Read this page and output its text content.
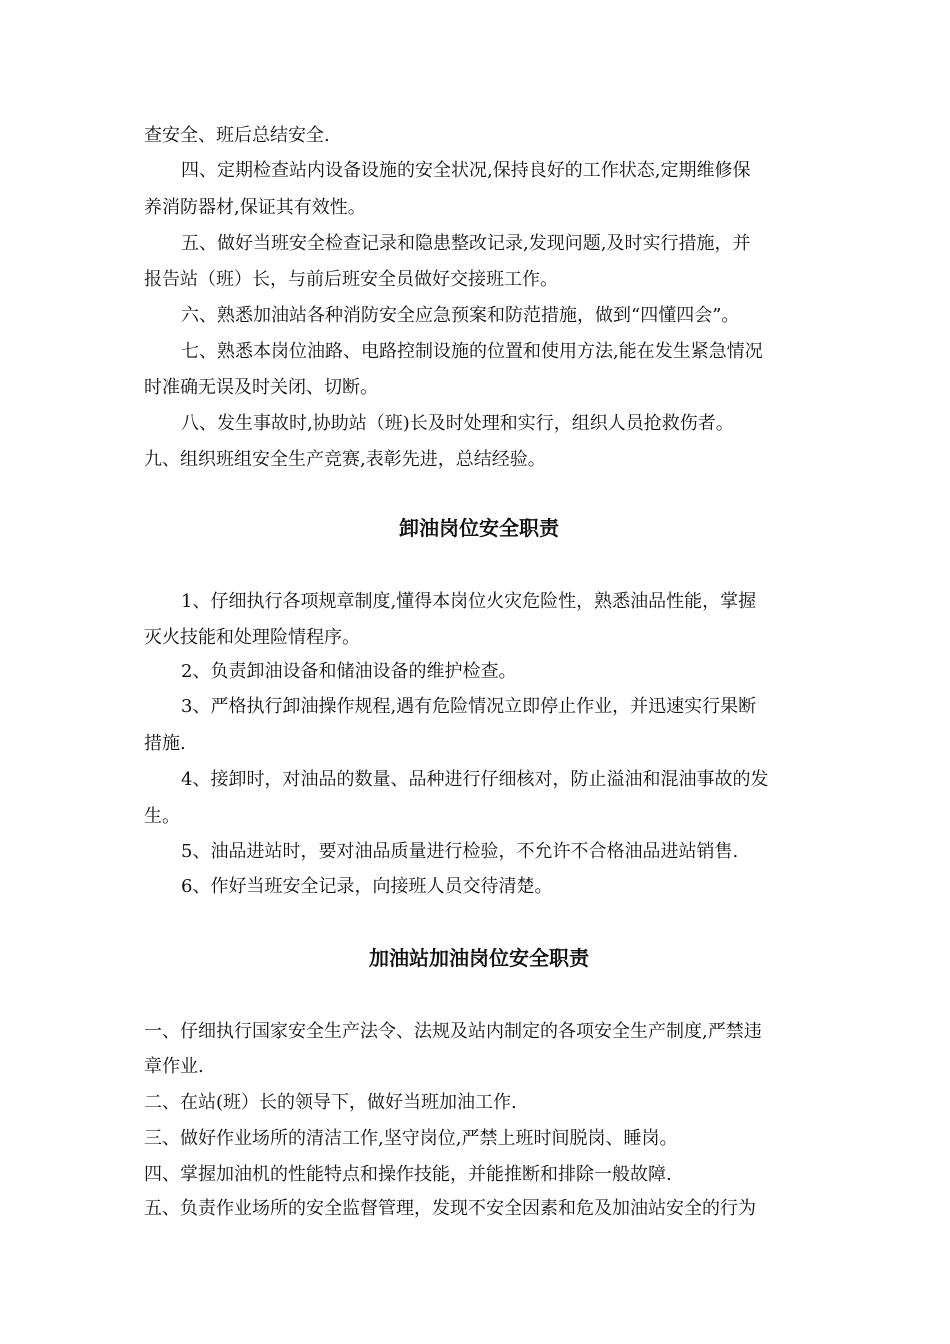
查安全、班后总结安全.
四、定期检查站内设备设施的安全状况,保持良好的工作状态,定期维修保
养消防器材,保证其有效性。
五、做好当班安全检查记录和隐患整改记录,发现问题,及时实行措施，并
报告站（班）长，与前后班安全员做好交接班工作。
六、熟悉加油站各种消防安全应急预案和防范措施，做到“四懂四会”。
七、熟悉本岗位油路、电路控制设施的位置和使用方法,能在发生紧急情况
时准确无误及时关闭、切断。
八、发生事故时,协助站（班)长及时处理和实行，组织人员抢救伤者。
九、组织班组安全生产竞赛,表彰先进，总结经验。
卸油岗位安全职责
1、仔细执行各项规章制度,懂得本岗位火灾危险性，熟悉油品性能，掌握
灭火技能和处理险情程序。
2、负责卸油设备和储油设备的维护检查。
3、严格执行卸油操作规程,遇有危险情况立即停止作业，并迅速实行果断
措施.
4、接卸时，对油品的数量、品种进行仔细核对，防止溢油和混油事故的发
生。
5、油品进站时，要对油品质量进行检验，不允许不合格油品进站销售.
6、作好当班安全记录，向接班人员交待清楚。
加油站加油岗位安全职责
一、仔细执行国家安全生产法令、法规及站内制定的各项安全生产制度,严禁违
章作业.
二、在站(班）长的领导下，做好当班加油工作.
三、做好作业场所的清洁工作,坚守岗位,严禁上班时间脱岗、睡岗。
四、掌握加油机的性能特点和操作技能，并能推断和排除一般故障.
五、负责作业场所的安全监督管理，发现不安全因素和危及加油站安全的行为
